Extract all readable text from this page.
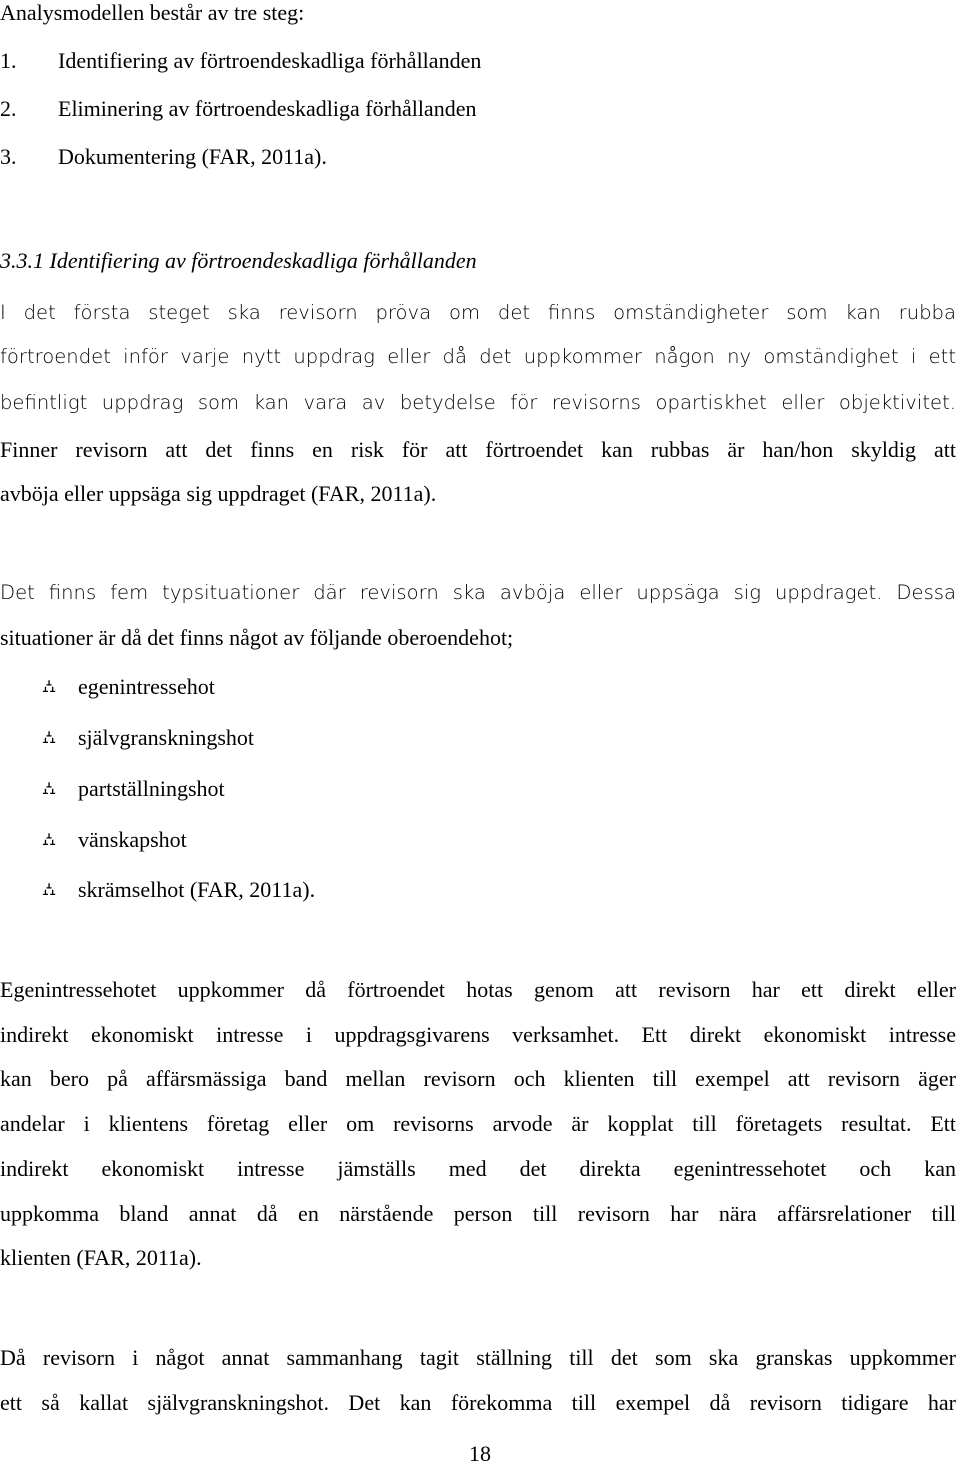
Analysmodellen består av tre steg:
1. Identifiering av förtroendeskadliga förhållanden
2. Eliminering av förtroendeskadliga förhållanden
3. Dokumentering (FAR, 2011a).
3.3.1 Identifiering av förtroendeskadliga förhållanden
I det första steget ska revisorn pröva om det finns omständigheter som kan rubba
förtroendet inför varje nytt uppdrag eller då det uppkommer någon ny omständighet i ett
befintligt uppdrag som kan vara av betydelse för revisorns opartiskhet eller objektivitet.
Finner revisorn att det finns en risk för att förtroendet kan rubbas är han/hon skyldig att
avböja eller uppsäga sig uppdraget (FAR, 2011a).
Det finns fem typsituationer där revisorn ska avböja eller uppsäga sig uppdraget. Dessa
situationer är då det finns något av följande oberoendehot;
⛼ egenintressehot
⛼ självgranskningshot
⛼ partställningshot
⛼ vänskapshot
⛼ skrämselhot (FAR, 2011a).
Egenintressehotet uppkommer då förtroendet hotas genom att revisorn har ett direkt eller
indirekt ekonomiskt intresse i uppdragsgivarens verksamhet. Ett direkt ekonomiskt intresse
kan bero på affärsmässiga band mellan revisorn och klienten till exempel att revisorn äger
andelar i klientens företag eller om revisorns arvode är kopplat till företagets resultat. Ett
indirekt ekonomiskt intresse jämställs med det direkta egenintressehotet och kan
uppkomma bland annat då en närstående person till revisorn har nära affärsrelationer till
klienten (FAR, 2011a).
Då revisorn i något annat sammanhang tagit ställning till det som ska granskas uppkommer
ett så kallat självgranskningshot. Det kan förekomma till exempel då revisorn tidigare har
18
